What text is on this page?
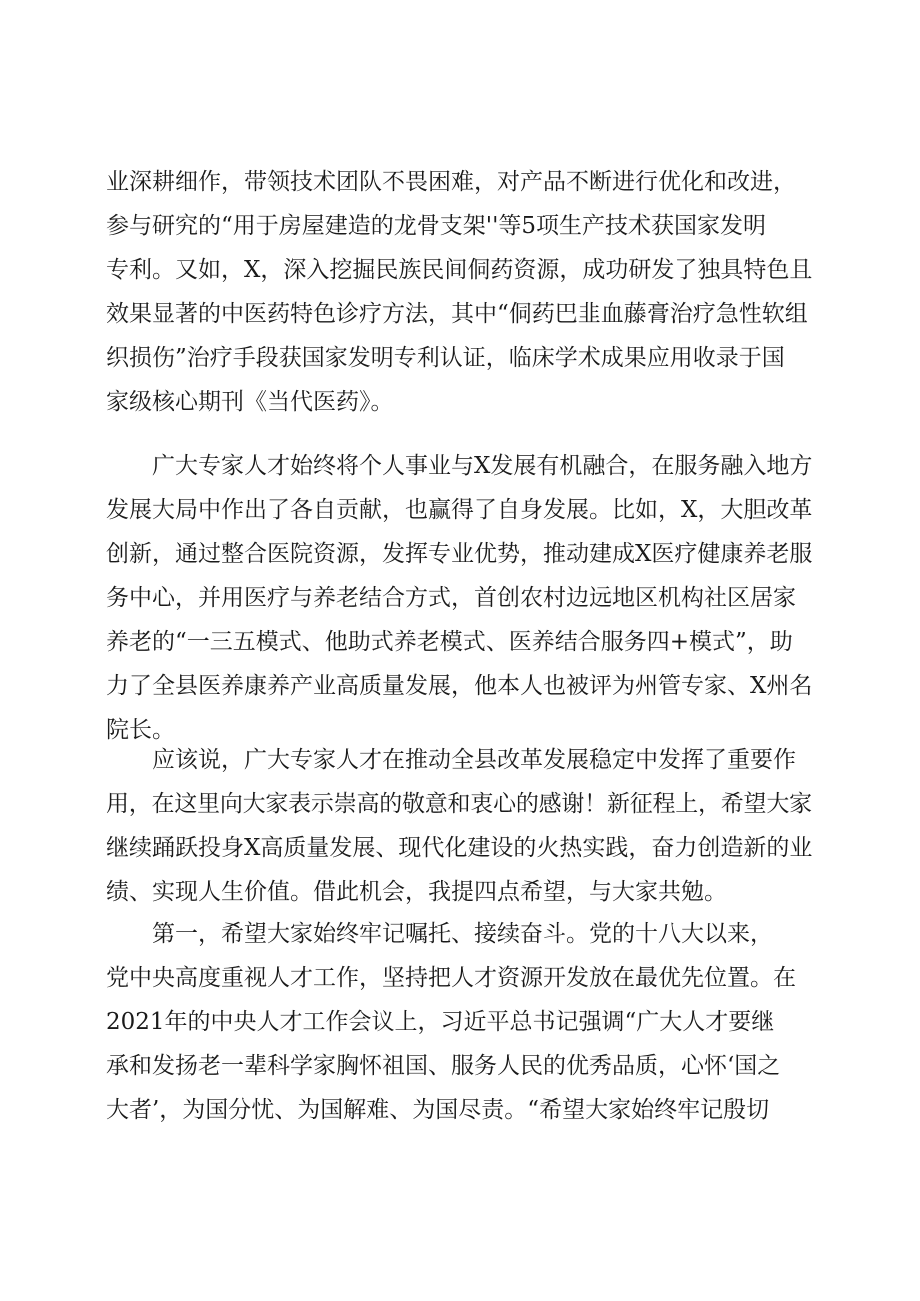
业深耕细作，带领技术团队不畏困难，对产品不断进行优化和改进，
参与研究的“用于房屋建造的龙骨支架''等5项生产技术获国家发明
专利。又如，X，深入挖掘民族民间侗药资源，成功研发了独具特色且
效果显著的中医药特色诊疗方法，其中“侗药巴韭血藤膏治疗急性软组
织损伤”治疗手段获国家发明专利认证，临床学术成果应用收录于国
家级核心期刊《当代医药》。
广大专家人才始终将个人事业与X发展有机融合，在服务融入地方
发展大局中作出了各自贡献，也赢得了自身发展。比如，X，大胆改革
创新，通过整合医院资源，发挥专业优势，推动建成X医疗健康养老服
务中心，并用医疗与养老结合方式，首创农村边远地区机构社区居家
养老的“一三五模式、他助式养老模式、医养结合服务四+模式”，助
力了全县医养康养产业高质量发展，他本人也被评为州管专家、X州名
院长。
应该说，广大专家人才在推动全县改革发展稳定中发挥了重要作
用，在这里向大家表示崇高的敬意和衷心的感谢！新征程上，希望大家
继续踊跃投身X高质量发展、现代化建设的火热实践，奋力创造新的业
绩、实现人生价值。借此机会，我提四点希望，与大家共勉。
第一，希望大家始终牢记嘱托、接续奋斗。党的十八大以来，
党中央高度重视人才工作，坚持把人才资源开发放在最优先位置。在
2021年的中央人才工作会议上，习近平总书记强调“广大人才要继
承和发扬老一辈科学家胸怀祖国、服务人民的优秀品质，心怀‘国之
大者’，为国分忧、为国解难、为国尽责。“希望大家始终牢记殷切
